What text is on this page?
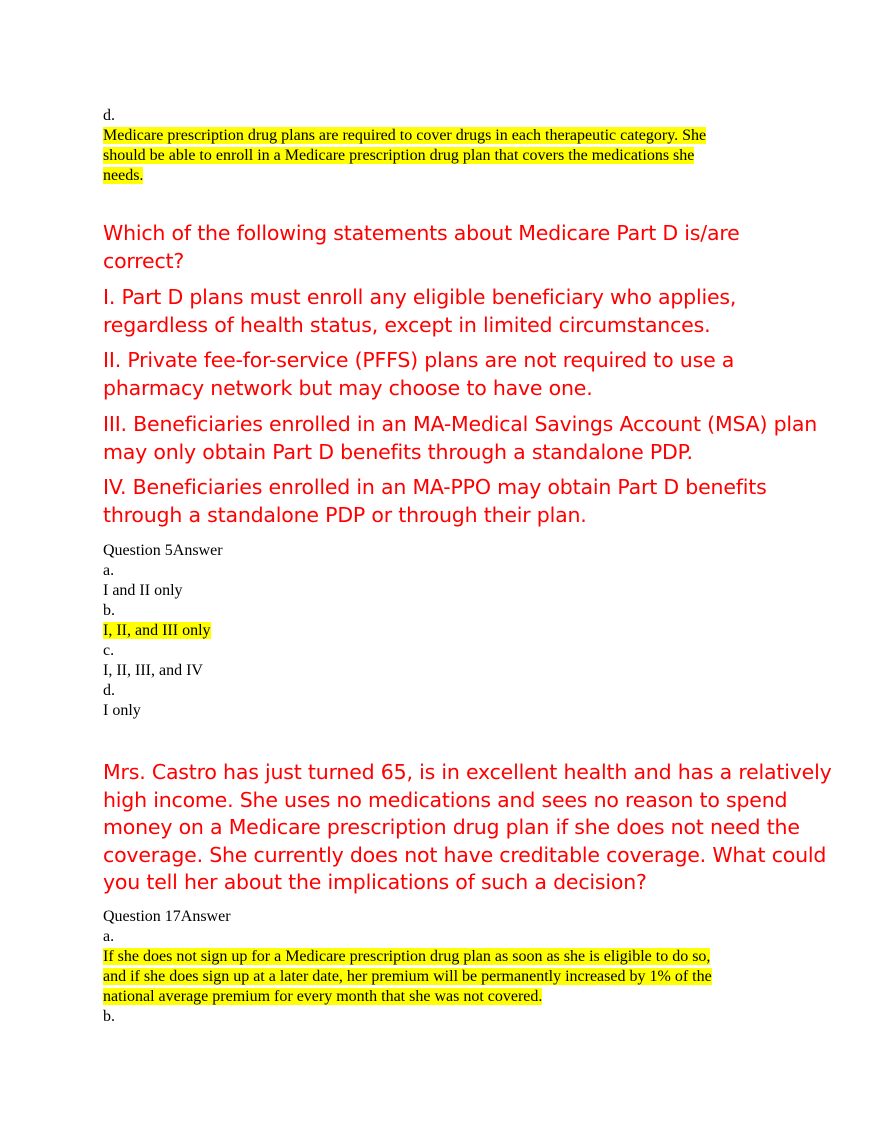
d.
Medicare prescription drug plans are required to cover drugs in each therapeutic category. She
should be able to enroll in a Medicare prescription drug plan that covers the medications she
needs.
Which of the following statements about Medicare Part D is/are
correct?
I. Part D plans must enroll any eligible beneficiary who applies,
regardless of health status, except in limited circumstances.
II. Private fee-for-service (PFFS) plans are not required to use a
pharmacy network but may choose to have one.
III. Beneficiaries enrolled in an MA-Medical Savings Account (MSA) plan
may only obtain Part D benefits through a standalone PDP.
IV. Beneficiaries enrolled in an MA-PPO may obtain Part D benefits
through a standalone PDP or through their plan.
Question 5Answer
a.
I and II only
b.
I, II, and III only
c.
I, II, III, and IV
d.
I only
Mrs. Castro has just turned 65, is in excellent health and has a relatively
high income. She uses no medications and sees no reason to spend
money on a Medicare prescription drug plan if she does not need the
coverage. She currently does not have creditable coverage. What could
you tell her about the implications of such a decision?
Question 17Answer
a.
If she does not sign up for a Medicare prescription drug plan as soon as she is eligible to do so,
and if she does sign up at a later date, her premium will be permanently increased by 1% of the
national average premium for every month that she was not covered.
b.
